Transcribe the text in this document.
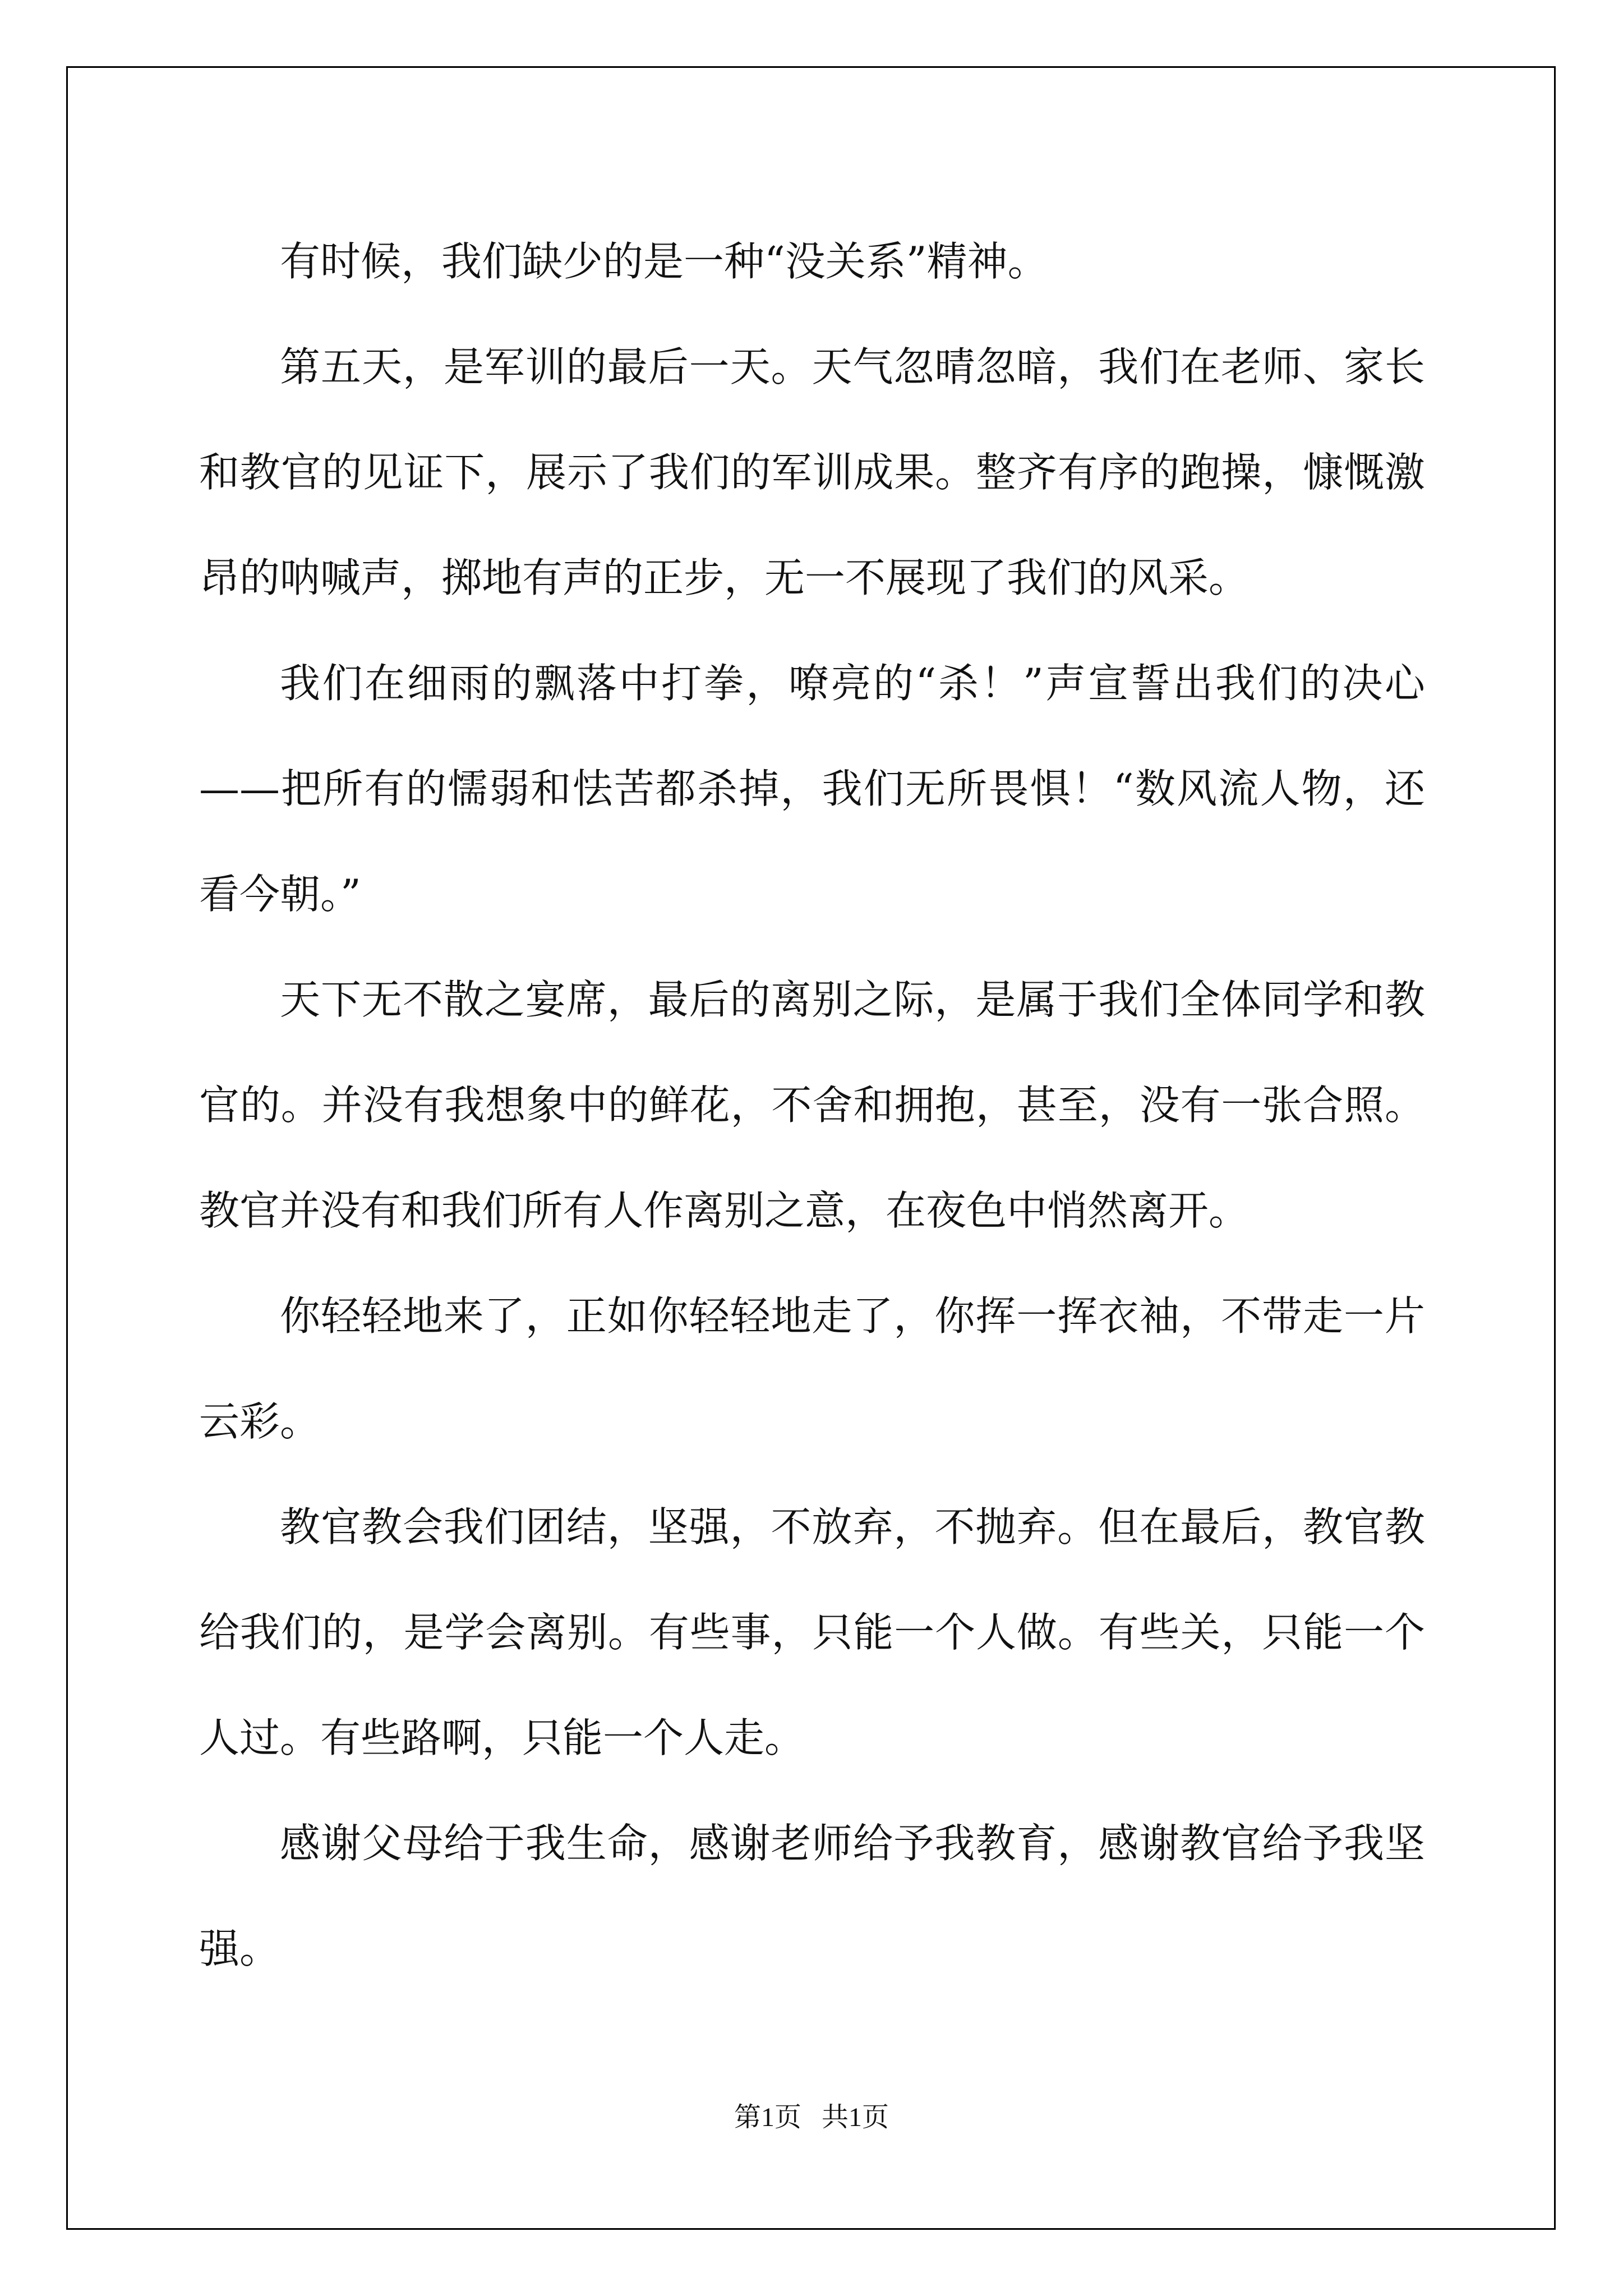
有时候，我们缺少的是一种“没关系”精神。

第五天，是军训的最后一天。天气忽晴忽暗，我们在老师、家长和教官的见证下，展示了我们的军训成果。整齐有序的跑操，慷慨激昂的呐喊声，掷地有声的正步，无一不展现了我们的风采。

我们在细雨的飘落中打拳，嘹亮的“杀！”声宣誓出我们的决心——把所有的懦弱和怯苦都杀掉，我们无所畏惧！“数风流人物，还看今朝。”

天下无不散之宴席，最后的离别之际，是属于我们全体同学和教官的。并没有我想象中的鲜花，不舍和拥抱，甚至，没有一张合照。教官并没有和我们所有人作离别之意，在夜色中悄然离开。

你轻轻地来了，正如你轻轻地走了，你挥一挥衣袖，不带走一片云彩。

教官教会我们团结，坚强，不放弃，不抛弃。但在最后，教官教给我们的，是学会离别。有些事，只能一个人做。有些关，只能一个人过。有些路啊，只能一个人走。

感谢父母给于我生命，感谢老师给予我教育，感谢教官给予我坚强。

第1页   共1页
